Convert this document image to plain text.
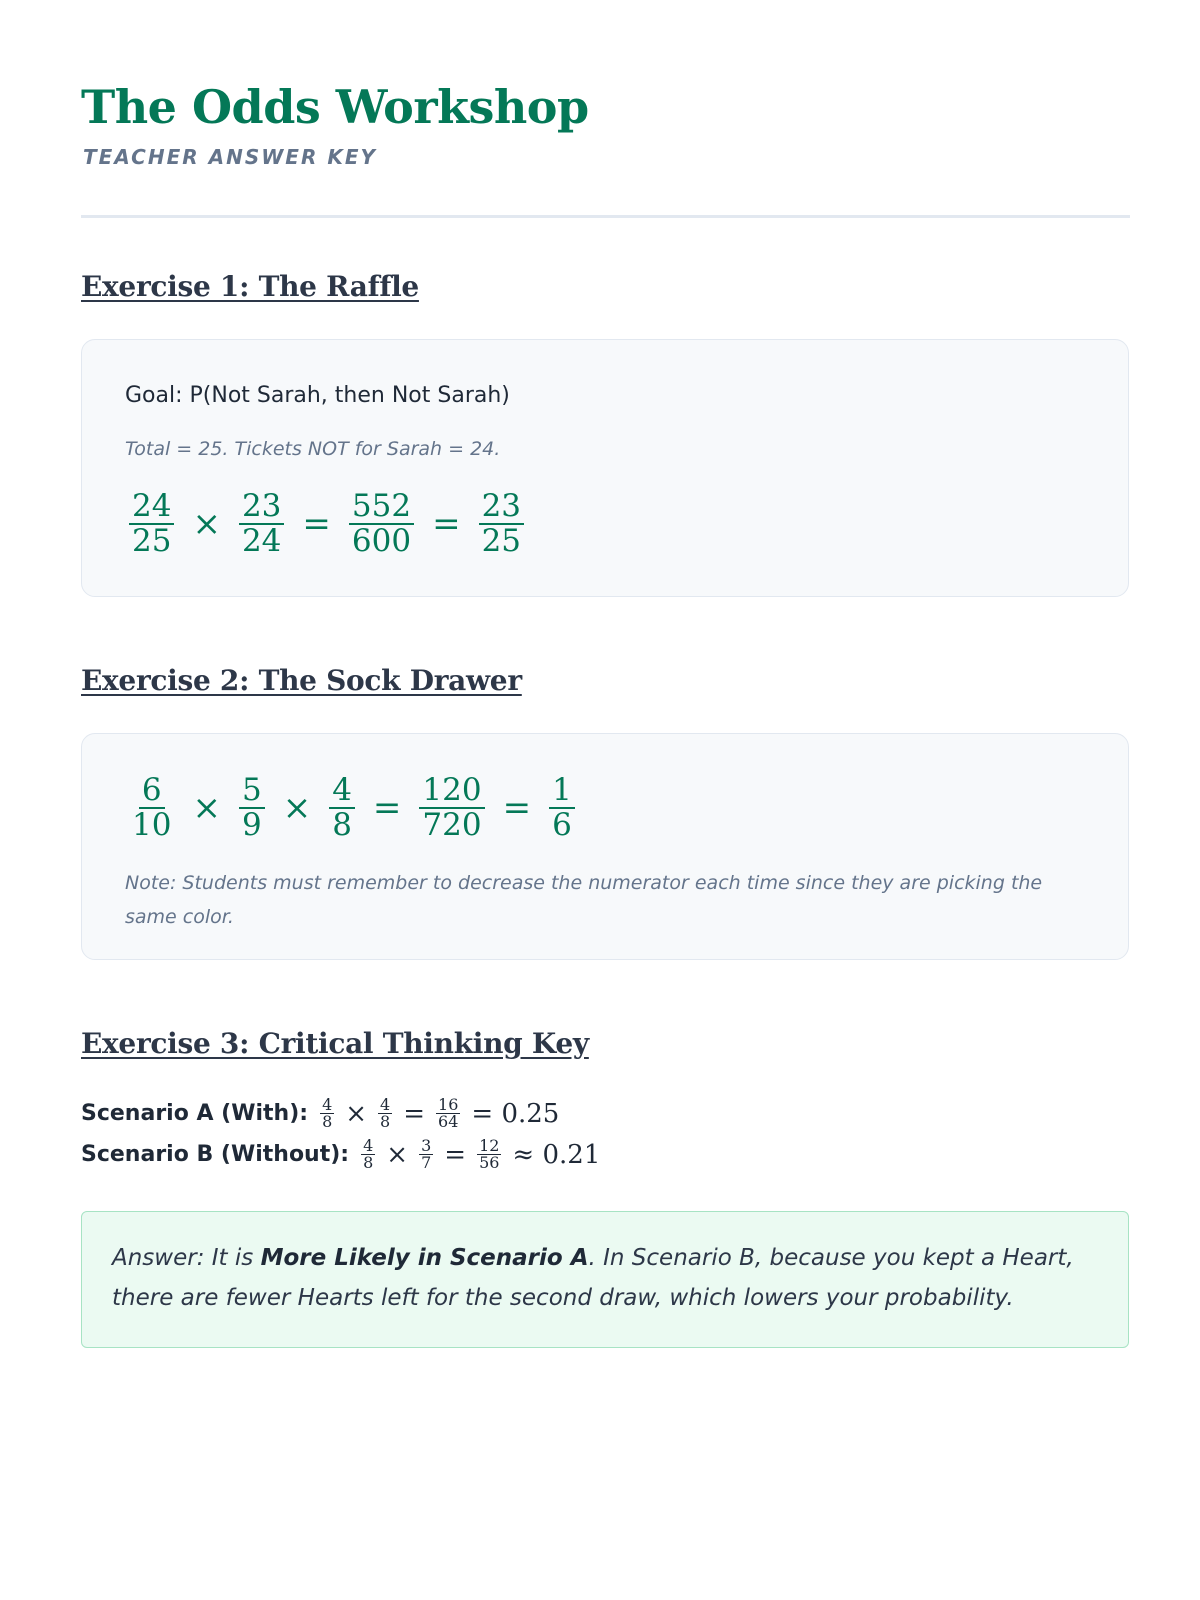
The Odds Workshop
TEACHER ANSWER KEY
Exercise 1: The Raffle

Goal: P(Not Sarah, then Not Sarah)

Total = 25. Tickets NOT for Sarah = 24.

$\frac{24}{25} \times \frac{23}{24} = \frac{552}{600} = \frac{23}{25}$
Exercise 2: The Sock Drawer
$\frac{6}{10} \times \frac{5}{9} \times \frac{4}{8} = \frac{120}{720} = \frac{1}{6}$

Note: Students must remember to decrease the numerator each time since they are picking the same color.

Exercise 3: Critical Thinking Key
Scenario A (With): $\frac{4}{8} \times \frac{4}{8} = \frac{16}{64} = 0.25$
Scenario B (Without): $\frac{4}{8} \times \frac{3}{7} = \frac{12}{56} \approx 0.21$

Answer: It is More Likely in Scenario A. In Scenario B, because you kept a Heart, there are fewer Hearts left for the second draw, which lowers your probability.
